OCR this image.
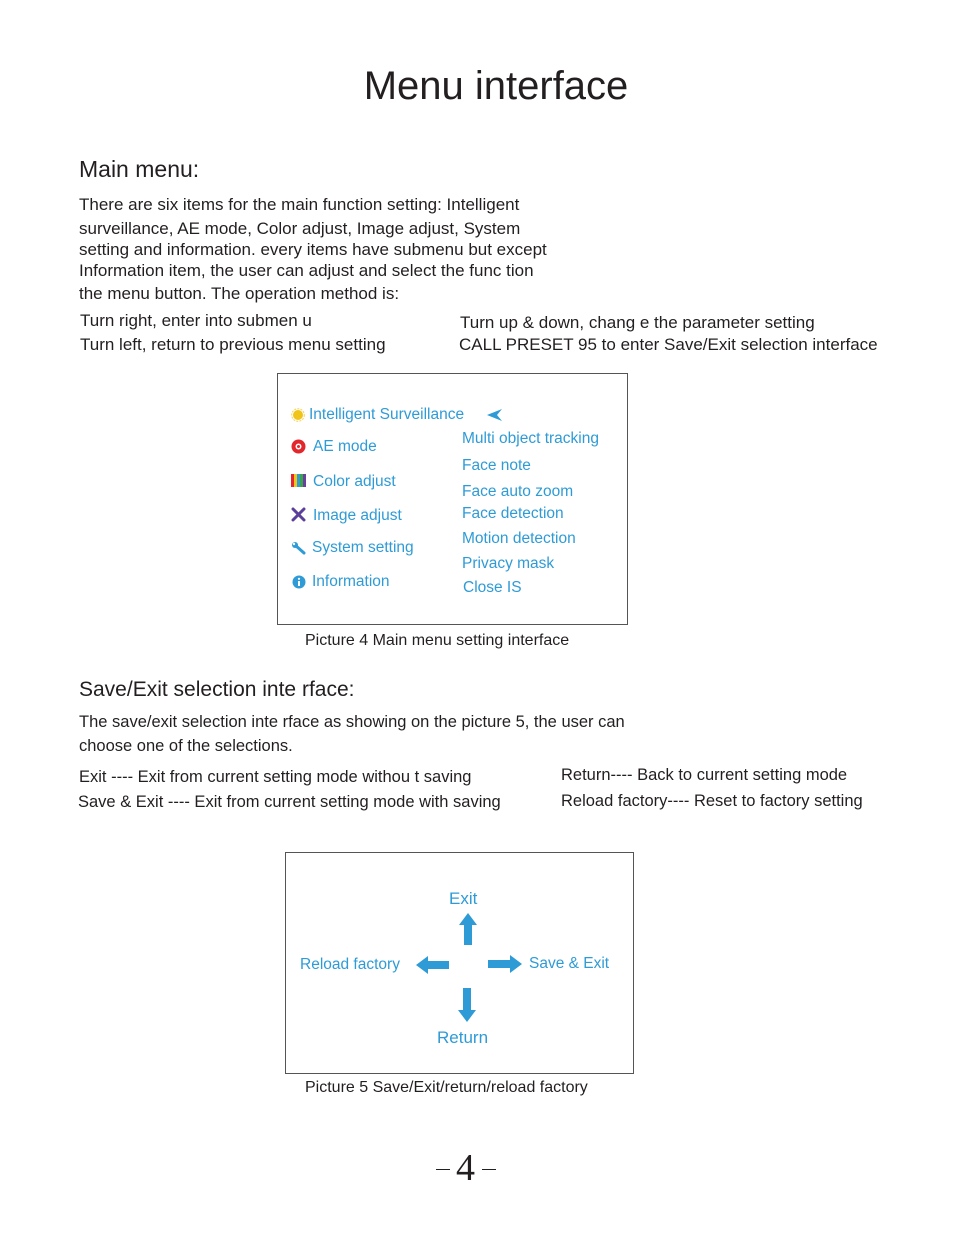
Menu interface
Main menu:
There are six items for the main function setting: Intelligent
surveillance, AE mode, Color adjust, Image adjust, System
setting and information. every items have submenu but except
Information item, the user can adjust and select the func tion
the menu button. The operation method is:
Turn right, enter into submen u
Turn left, return to previous menu setting
Turn up & down, chang e the parameter setting
CALL PRESET 95 to enter Save/Exit selection interface
Intelligent Surveillance
AE mode
Color adjust
Image adjust
System setting
Information
Multi object tracking
Face note
Face auto zoom
Face detection
Motion detection
Privacy mask
Close IS
Picture 4 Main menu setting interface
Save/Exit selection inte rface:
The save/exit selection inte rface as showing on the picture 5, the user can
choose one of the selections.
Exit ---- Exit from current setting mode withou t saving
Save & Exit ---- Exit from current setting mode with saving
Return---- Back to current setting mode
Reload factory---- Reset to factory setting
Exit
Reload factory	Save & Exit
Return
Picture 5 Save/Exit/return/reload factory
4
